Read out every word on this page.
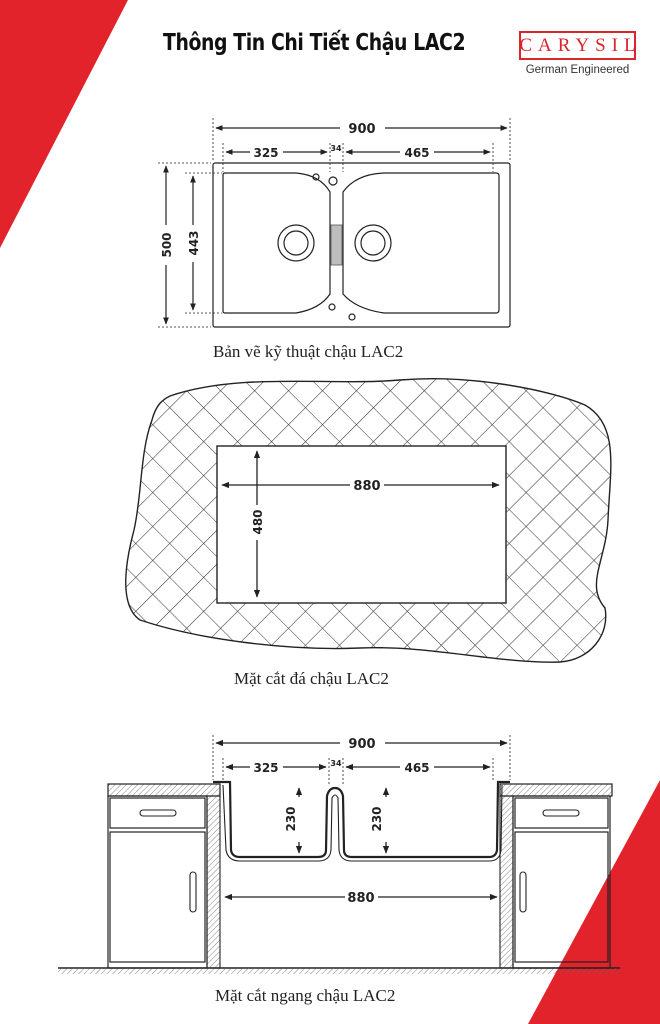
900
325	34	465
500 443
880
480
900
325	34	465
230	230
880
Thông Tin Chi Tiết Chậu LAC2	CARYSIL
German Engineered
Bản vẽ kỹ thuật chậu LAC2
Mặt cắt đá chậu LAC2
Mặt cắt ngang chậu LAC2
